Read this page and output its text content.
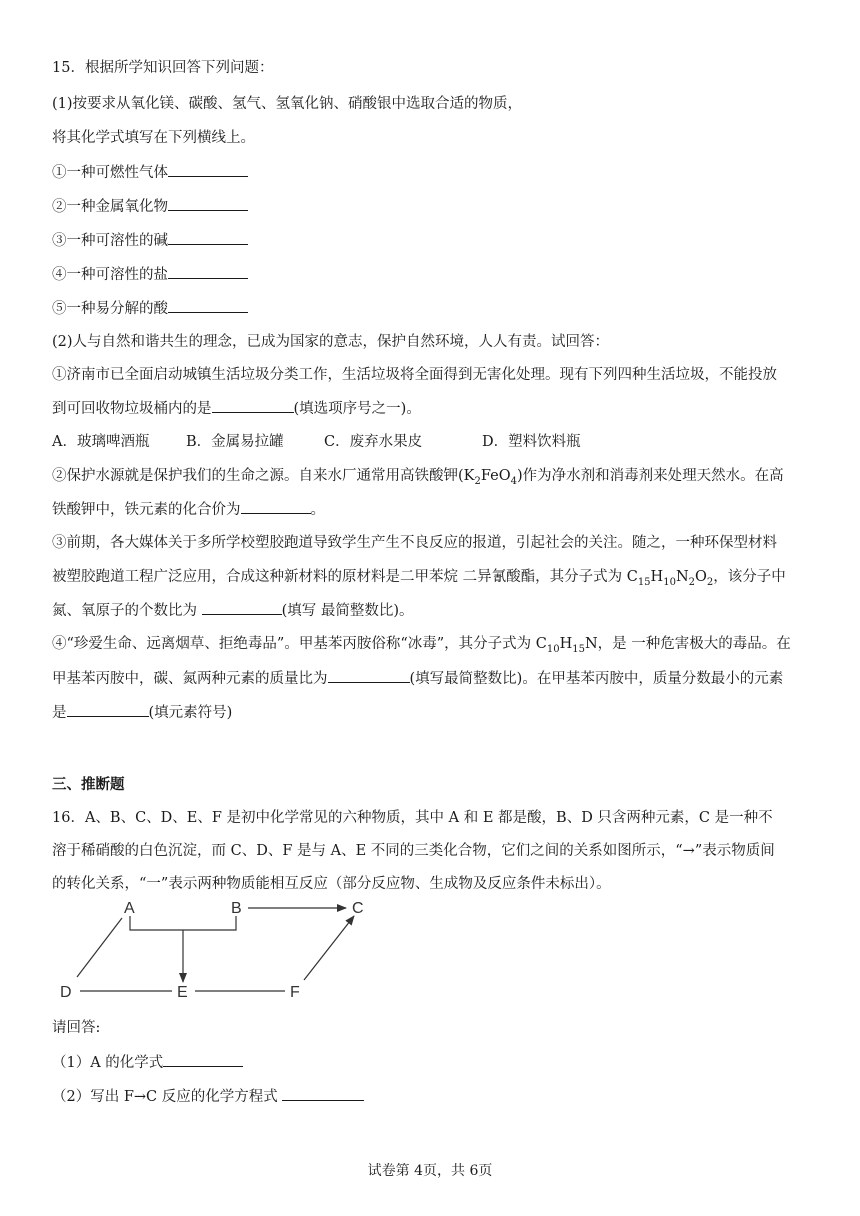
15．根据所学知识回答下列问题：
(1)按要求从氧化镁、碳酸、氢气、氢氧化钠、硝酸银中选取合适的物质，
将其化学式填写在下列横线上。
①一种可燃性气体
②一种金属氧化物
③一种可溶性的碱
④一种可溶性的盐
⑤一种易分解的酸
(2)人与自然和谐共生的理念，已成为国家的意志，保护自然环境，人人有责。试回答：
①济南市已全面启动城镇生活垃圾分类工作，生活垃圾将全面得到无害化处理。现有下列四种生活垃圾，不能投放
到可回收物垃圾桶内的是	(填选项序号之一)。
A．玻璃啤酒瓶	B．金属易拉罐	C．废弃水果皮	D．塑料饮料瓶
②保护水源就是保护我们的生命之源。自来水厂通常用高铁酸钾$(K_2FeO_4)$作为净水剂和消毒剂来处理天然水。在高
铁酸钾中，铁元素的化合价为	。
③前期，各大媒体关于多所学校塑胶跑道导致学生产生不良反应的报道，引起社会的关注。随之，一种环保型材料
被塑胶跑道工程广泛应用，合成这种新材料的原材料是二甲苯烷 二异氰酸酯，其分子式为 $C_{15}H_{10}N_2O_2$，该分子中
氮、氧原子的个数比为	(填写 最简整数比)。
④“珍爱生命、远离烟草、拒绝毒品”。甲基苯丙胺俗称“冰毒”，其分子式为 $C_{10}H_{15}N$，是 一种危害极大的毒品。在
甲基苯丙胺中，碳、氮两种元素的质量比为	(填写最简整数比)。在甲基苯丙胺中，质量分数最小的元素
是	(填元素符号)
三、推断题
16．A、B、C、D、E、F 是初中化学常见的六种物质，其中 A 和 E 都是酸，B、D 只含两种元素，C 是一种不
溶于稀硝酸的白色沉淀，而 C、D、F 是与 A、E 不同的三类化合物，它们之间的关系如图所示，“→”表示物质间
的转化关系，“一”表示两种物质能相互反应（部分反应物、生成物及反应条件未标出）。
A	B	C
D	E	F
请回答:
（1）A 的化学式
（2）写出 F→C 反应的化学方程式
试卷第 4页，共 6页
